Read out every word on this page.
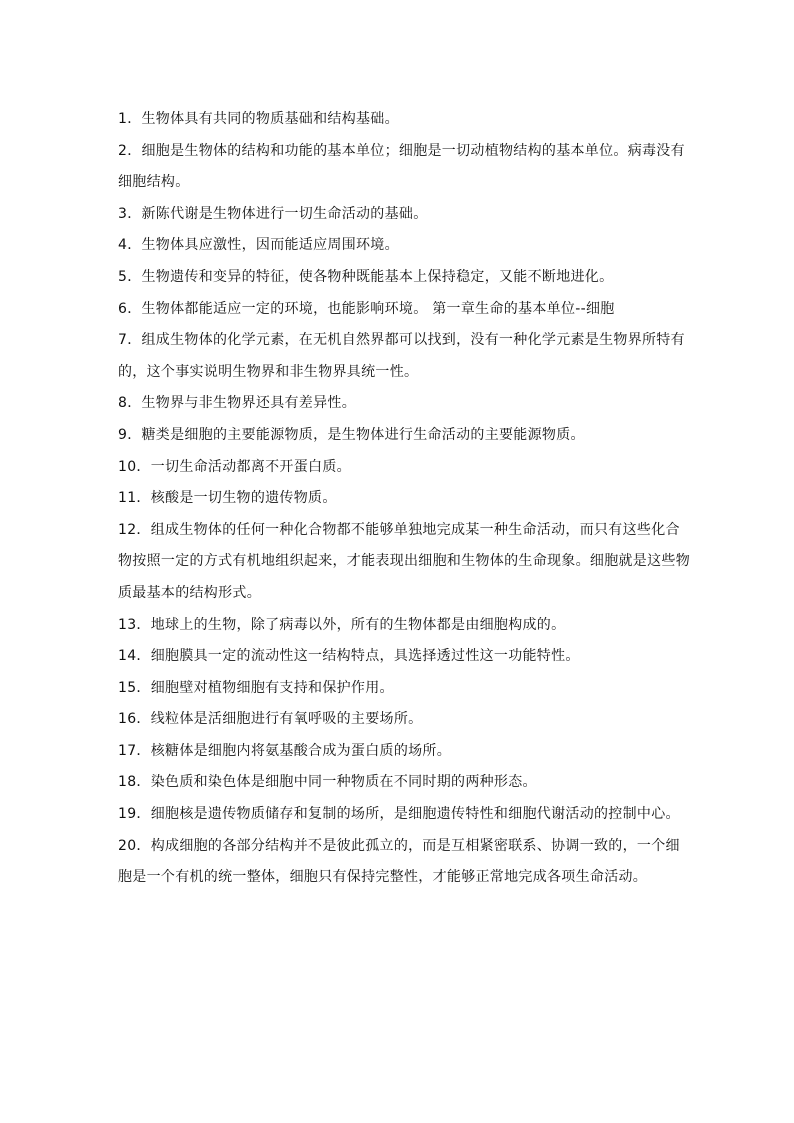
1．生物体具有共同的物质基础和结构基础。

2．细胞是生物体的结构和功能的基本单位；细胞是一切动植物结构的基本单位。病毒没有细胞结构。

3．新陈代谢是生物体进行一切生命活动的基础。

4．生物体具应激性，因而能适应周围环境。

5．生物遗传和变异的特征，使各物种既能基本上保持稳定，又能不断地进化。

6．生物体都能适应一定的环境，也能影响环境。 第一章生命的基本单位--细胞

7．组成生物体的化学元素，在无机自然界都可以找到，没有一种化学元素是生物界所特有的，这个事实说明生物界和非生物界具统一性。

8．生物界与非生物界还具有差异性。

9．糖类是细胞的主要能源物质，是生物体进行生命活动的主要能源物质。

10．一切生命活动都离不开蛋白质。

11．核酸是一切生物的遗传物质。

12．组成生物体的任何一种化合物都不能够单独地完成某一种生命活动，而只有这些化合物按照一定的方式有机地组织起来，才能表现出细胞和生物体的生命现象。细胞就是这些物质最基本的结构形式。

13．地球上的生物，除了病毒以外，所有的生物体都是由细胞构成的。

14．细胞膜具一定的流动性这一结构特点，具选择透过性这一功能特性。

15．细胞壁对植物细胞有支持和保护作用。

16．线粒体是活细胞进行有氧呼吸的主要场所。

17．核糖体是细胞内将氨基酸合成为蛋白质的场所。

18．染色质和染色体是细胞中同一种物质在不同时期的两种形态。

19．细胞核是遗传物质储存和复制的场所，是细胞遗传特性和细胞代谢活动的控制中心。

20．构成细胞的各部分结构并不是彼此孤立的，而是互相紧密联系、协调一致的，一个细胞是一个有机的统一整体，细胞只有保持完整性，才能够正常地完成各项生命活动。
